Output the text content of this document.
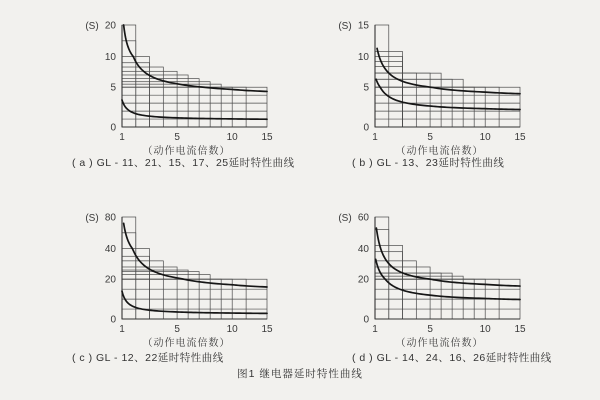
0
5
10
20
(S)
1	5	10 15
（动作电流倍数）
0
5
10
15
(S)
1	5	10 15
（动作电流倍数）
0
20
40
80
(S)
1	5	10 15
（动作电流倍数）
0
20
40
60
(S)
1	5	10 15
（动作电流倍数）
( a ) GL - 11、21、15、17、25延时特性曲线	( b ) GL - 13、23延时特性曲线
( c ) GL - 12、22延时特性曲线	( d ) GL - 14、24、16、26延时特性曲线
图1 继电器延时特性曲线
